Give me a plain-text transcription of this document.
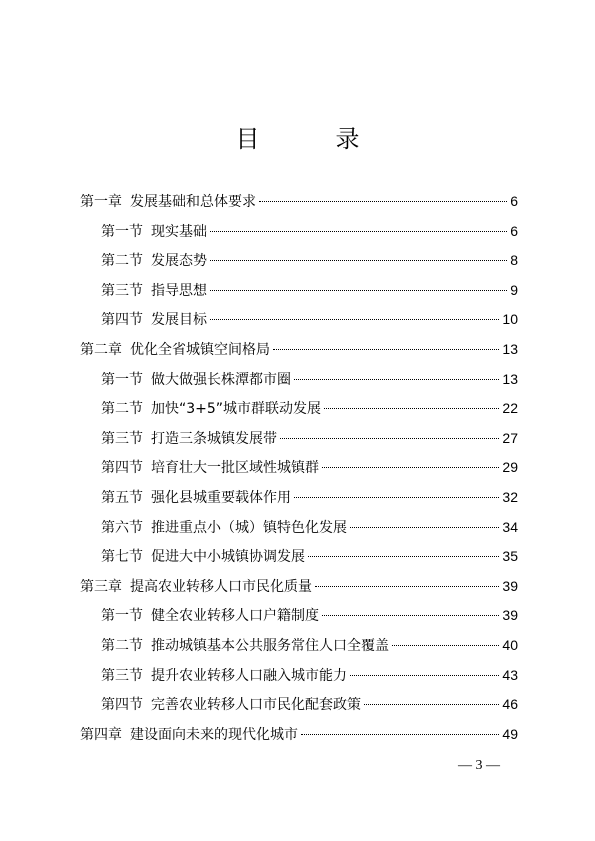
目　录
第一章 发展基础和总体要求	6
第一节 现实基础	6
第二节 发展态势	8
第三节 指导思想	9
第四节 发展目标	10
第二章 优化全省城镇空间格局	13
第一节 做大做强长株潭都市圈	13
第二节 加快“3+5”城市群联动发展	22
第三节 打造三条城镇发展带	27
第四节 培育壮大一批区域性城镇群	29
第五节 强化县城重要载体作用	32
第六节 推进重点小（城）镇特色化发展	34
第七节 促进大中小城镇协调发展	35
第三章 提高农业转移人口市民化质量	39
第一节 健全农业转移人口户籍制度	39
第二节 推动城镇基本公共服务常住人口全覆盖	40
第三节 提升农业转移人口融入城市能力	43
第四节 完善农业转移人口市民化配套政策	46
第四章 建设面向未来的现代化城市	49
— 3 —
